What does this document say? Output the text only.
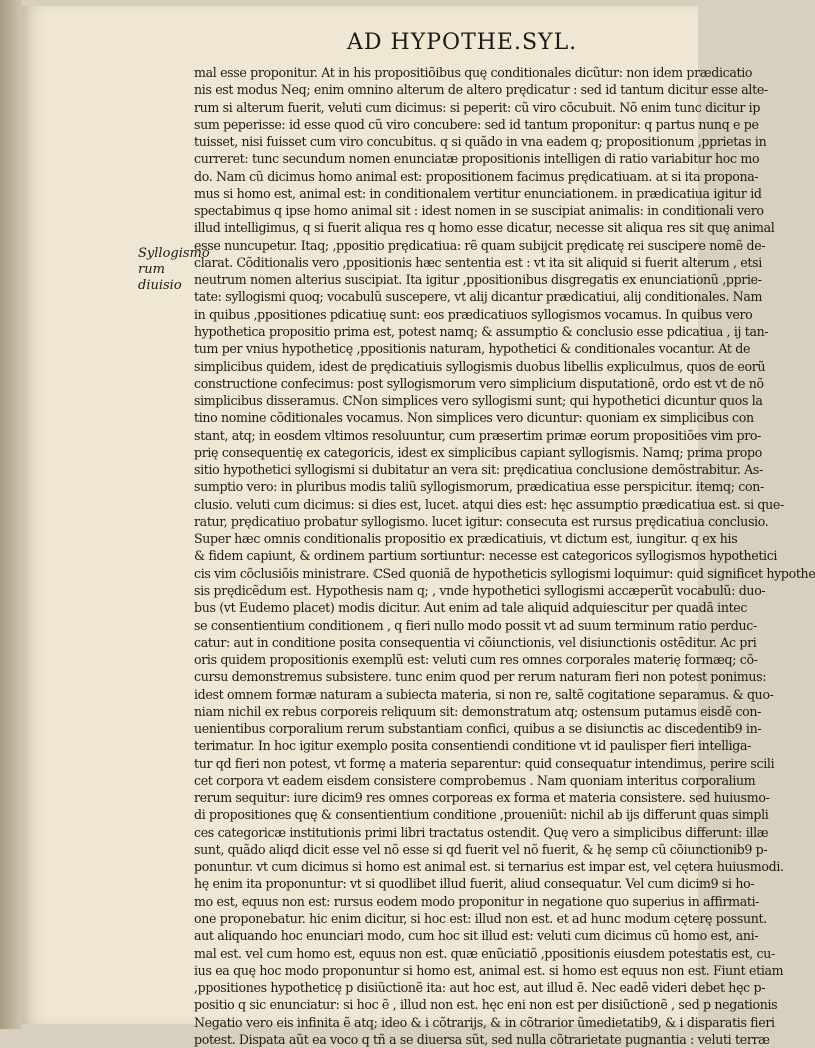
AD HYPOTHE.SYL.
Syllogismo rum diuisio
mal esse proponitur. At in his propositiõibus quę conditionales dicũtur: non idem prædicatio
nis est modus Neq; enim omnino alterum de altero prędicatur : sed id tantum dicitur esse alte-
rum si alterum fuerit, veluti cum dicimus: si peperit: cũ viro cõcubuit. Nõ enim tunc dicitur ip
sum peperisse: id esse quod cũ viro concubere: sed id tantum proponitur: q partus nunq e pe
tuisset, nisi fuisset cum viro concubitus. q si quãdo in vna eadem q; propositionum ,pprietas in
curreret: tunc secundum nomen enunciatæ propositionis intelligen di ratio variabitur hoc mo
do. Nam cũ dicimus homo animal est: propositionem facimus prędicatiuam. at si ita propona-
mus si homo est, animal est: in conditionalem vertitur enunciationem. in prædicatiua igitur id
spectabimus q ipse homo animal sit : idest nomen in se suscipiat animalis: in conditionali vero
illud intelligimus, q si fuerit aliqua res q homo esse dicatur, necesse sit aliqua res sit quę animal
esse nuncupetur. Itaq; ,ppositio prędicatiua: rẽ quam subijcit prędicatę rei suscipere nomẽ de-
clarat. Cõditionalis vero ,ppositionis hæc sententia est : vt ita sit aliquid si fuerit alterum , etsi
neutrum nomen alterius suscipiat. Ita igitur ,ppositionibus disgregatis ex enunciationũ ,pprie-
tate: syllogismi quoq; vocabulũ suscepere, vt alij dicantur prædicatiui, alij conditionales. Nam
in quibus ,ppositiones pdicatiuę sunt: eos prædicatiuos syllogismos vocamus. In quibus vero
hypothetica propositio prima est, potest namq; & assumptio & conclusio esse pdicatiua , ij tan-
tum per vnius hypotheticę ,ppositionis naturam, hypothetici & conditionales vocantur. At de
simplicibus quidem, idest de prędicatiuis syllogismis duobus libellis expliculmus, quos de eorũ
constructione confecimus: post syllogismorum vero simplicium disputationẽ, ordo est vt de nõ
simplicibus disseramus. ℂNon simplices vero syllogismi sunt; qui hypothetici dicuntur quos la
tino nomine cõditionales vocamus. Non simplices vero dicuntur: quoniam ex simplicibus con
stant, atq; in eosdem vltimos resoluuntur, cum præsertim primæ eorum propositiões vim pro-
prię consequentię ex categoricis, idest ex simplicibus capiant syllogismis. Namq; prima propo
sitio hypothetici syllogismi si dubitatur an vera sit: prędicatiua conclusione demõstrabitur. As-
sumptio vero: in pluribus modis taliũ syllogismorum, prædicatiua esse perspicitur. itemq; con-
clusio. veluti cum dicimus: si dies est, lucet. atqui dies est: hęc assumptio prædicatiua est. si que-
ratur, prędicatiuo probatur syllogismo. lucet igitur: consecuta est rursus prędicatiua conclusio.
Super hæc omnis conditionalis propositio ex prædicatiuis, vt dictum est, iungitur. q ex his
& fidem capiunt, & ordinem partium sortiuntur: necesse est categoricos syllogismos hypothetici
cis vim cõclusiõis ministrare. ℂSed quoniã de hypotheticis syllogismi loquimur: quid significet hypothe
sis prędicẽdum est. Hypothesis nam q; , vnde hypothetici syllogismi accæperũt vocabulũ: duo-
bus (vt Eudemo placet) modis dicitur. Aut enim ad tale aliquid adquiescitur per quadã intec
se consentientium conditionem , q fieri nullo modo possit vt ad suum terminum ratio perduc-
catur: aut in conditione posita consequentia vi cõiunctionis, vel disiunctionis ostẽditur. Ac pri
oris quidem propositionis exemplũ est: veluti cum res omnes corporales materię formæq; cõ-
cursu demonstremus subsistere. tunc enim quod per rerum naturam fieri non potest ponimus:
idest omnem formæ naturam a subiecta materia, si non re, saltẽ cogitatione separamus. & quo-
niam nichil ex rebus corporeis reliquum sit: demonstratum atq; ostensum putamus eisdẽ con-
uenientibus corporalium rerum substantiam confici, quibus a se disiunctis ac discedentib9 in-
terimatur. In hoc igitur exemplo posita consentiendi conditione vt id paulisper fieri intelliga-
tur qd fieri non potest, vt formę a materia separentur: quid consequatur intendimus, perire scili
cet corpora vt eadem eisdem consistere comprobemus . Nam quoniam interitus corporalium
rerum sequitur: iure dicim9 res omnes corporeas ex forma et materia consistere. sed huiusmo-
di propositiones quę & consentientium conditione ,proueniũt: nichil ab ijs differunt quas simpli
ces categoricæ institutionis primi libri tractatus ostendit. Quę vero a simplicibus differunt: illæ
sunt, quãdo aliqd dicit esse vel nõ esse si qd fuerit vel nõ fuerit, & hę semp cũ cõiunctionib9 p-
ponuntur. vt cum dicimus si homo est animal est. si ternarius est impar est, vel cętera huiusmodi.
hę enim ita proponuntur: vt si quodlibet illud fuerit, aliud consequatur. Vel cum dicim9 si ho-
mo est, equus non est: rursus eodem modo proponitur in negatione quo superius in affirmati-
one proponebatur. hic enim dicitur, si hoc est: illud non est. et ad hunc modum cęterę possunt.
aut aliquando hoc enunciari modo, cum hoc sit illud est: veluti cum dicimus cũ homo est, ani-
mal est. vel cum homo est, equus non est. quæ enũciatiõ ,ppositionis eiusdem potestatis est, cu-
ius ea quę hoc modo proponuntur si homo est, animal est. si homo est equus non est. Fiunt etiam
,ppositiones hypotheticę p disiũctionẽ ita: aut hoc est, aut illud ẽ. Nec eadẽ videri debet hęc p-
positio q sic enunciatur: si hoc ẽ , illud non est. hęc eni non est per disiũctionẽ , sed p negationis
Negatio vero eis infinita ẽ atq; ideo & i cõtrarijs, & in cõtrarior ũmedietatib9, & i disparatis fieri
potest. Dispata aũt ea voco q tñ a se diuersa sũt, sed nulla cõtrarietate pugnantia : veluti terræ
